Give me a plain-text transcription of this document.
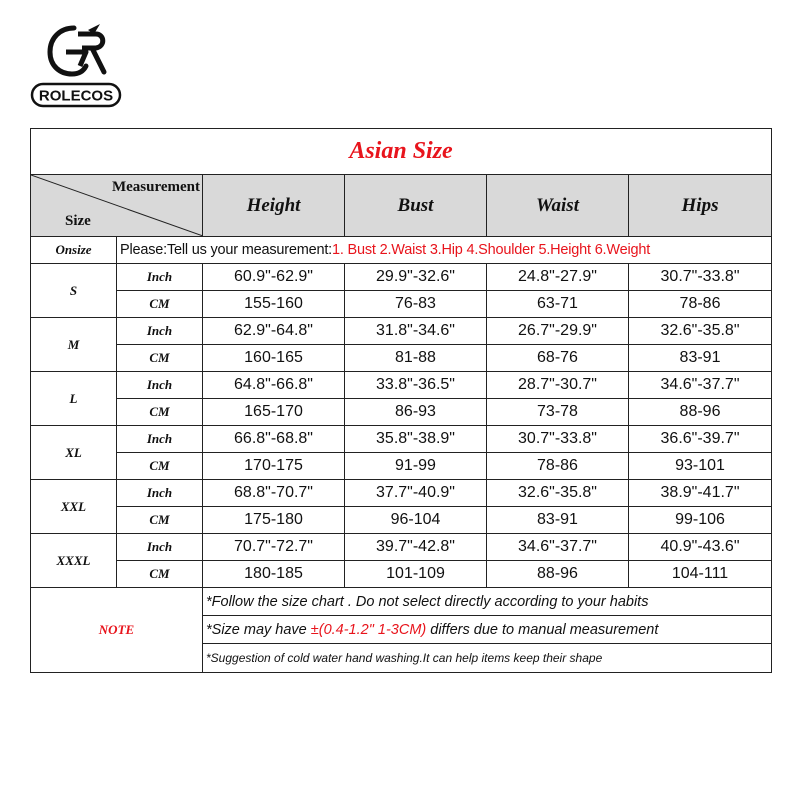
ROLECOS
Asian Size					

Measurement
Size		Height	Bust	Waist	Hips
Onsize	Please:Tell us your measurement:1. Bust 2.Waist 3.Hip 4.Shoulder 5.Height 6.Weight				
S	Inch	60.9"-62.9"	29.9"-32.6"	24.8"-27.9"	30.7"-33.8"
	CM	155-160	76-83	63-71	78-86
M	Inch	62.9"-64.8"	31.8"-34.6"	26.7"-29.9"	32.6"-35.8"
	CM	160-165	81-88	68-76	83-91
L	Inch	64.8"-66.8"	33.8"-36.5"	28.7"-30.7"	34.6"-37.7"
	CM	165-170	86-93	73-78	88-96
XL	Inch	66.8"-68.8"	35.8"-38.9"	30.7"-33.8"	36.6"-39.7"
	CM	170-175	91-99	78-86	93-101
XXL	Inch	68.8"-70.7"	37.7"-40.9"	32.6"-35.8"	38.9"-41.7"
	CM	175-180	96-104	83-91	99-106
XXXL	Inch	70.7"-72.7"	39.7"-42.8"	34.6"-37.7"	40.9"-43.6"
	CM	180-185	101-109	88-96	104-111
NOTE		*Follow the size chart . Do not select directly according to your habits			
		*Size may have ±(0.4-1.2" 1-3CM) differs due to manual measurement			
		*Suggestion of cold water hand washing.It can help items keep their shape			
